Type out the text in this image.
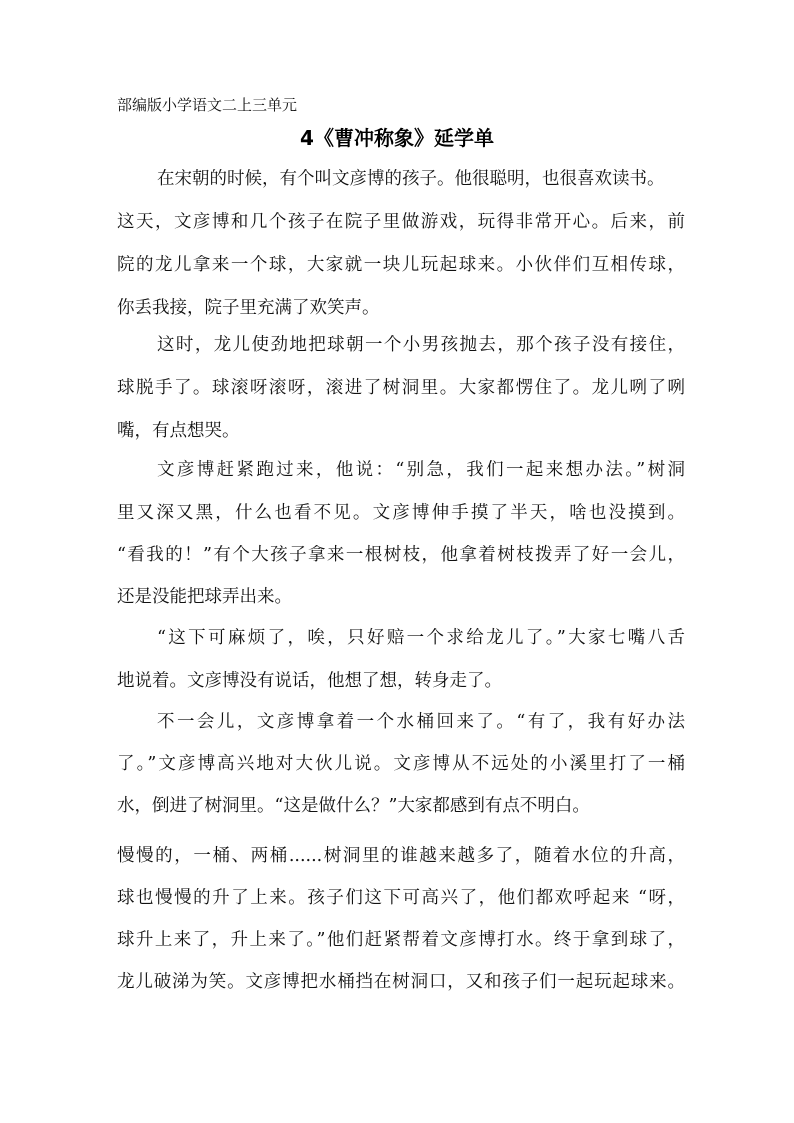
部编版小学语文二上三单元
4《曹冲称象》延学单
在宋朝的时候，有个叫文彦博的孩子。他很聪明，也很喜欢读书。
这天，文彦博和几个孩子在院子里做游戏，玩得非常开心。后来，前
院的龙儿拿来一个球，大家就一块儿玩起球来。小伙伴们互相传球，
你丢我接，院子里充满了欢笑声。
这时，龙儿使劲地把球朝一个小男孩抛去，那个孩子没有接住，
球脱手了。球滚呀滚呀，滚进了树洞里。大家都愣住了。龙儿咧了咧
嘴，有点想哭。
文彦博赶紧跑过来，他说：“别急，我们一起来想办法。”树洞
里又深又黑，什么也看不见。文彦博伸手摸了半天，啥也没摸到。
“看我的！”有个大孩子拿来一根树枝，他拿着树枝拨弄了好一会儿，
还是没能把球弄出来。
“这下可麻烦了，唉，只好赔一个求给龙儿了。”大家七嘴八舌
地说着。文彦博没有说话，他想了想，转身走了。
不一会儿，文彦博拿着一个水桶回来了。“有了，我有好办法
了。”文彦博高兴地对大伙儿说。文彦博从不远处的小溪里打了一桶
水，倒进了树洞里。“这是做什么？”大家都感到有点不明白。
慢慢的，一桶、两桶......树洞里的谁越来越多了，随着水位的升高，
球也慢慢的升了上来。孩子们这下可高兴了，他们都欢呼起来 “呀，
球升上来了，升上来了。”他们赶紧帮着文彦博打水。终于拿到球了，
龙儿破涕为笑。文彦博把水桶挡在树洞口，又和孩子们一起玩起球来。
